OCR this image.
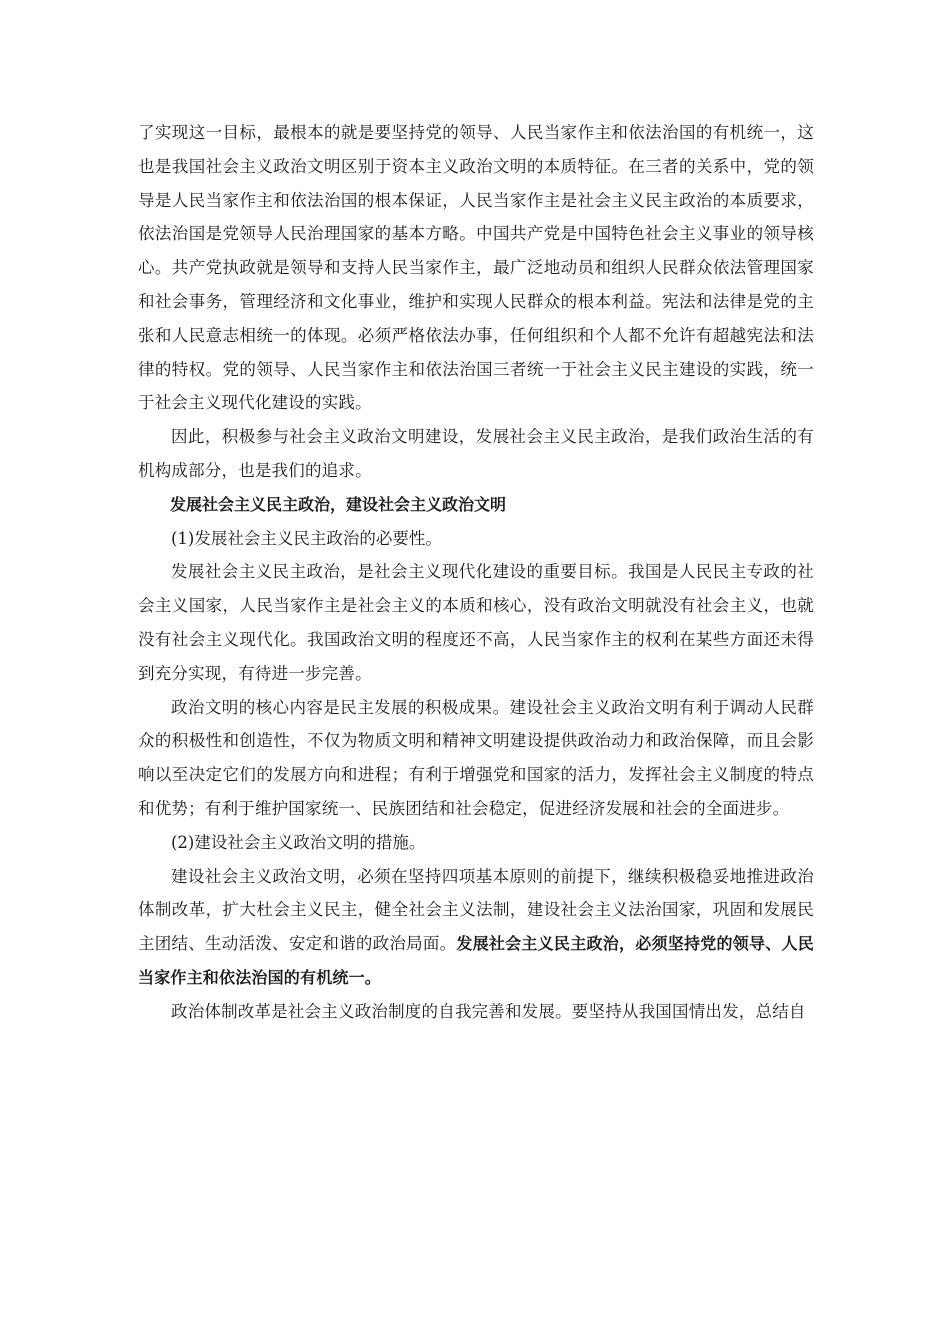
了实现这一目标，最根本的就是要坚持党的领导、人民当家作主和依法治国的有机统一，这也是我国社会主义政治文明区别于资本主义政治文明的本质特征。在三者的关系中，党的领导是人民当家作主和依法治国的根本保证，人民当家作主是社会主义民主政治的本质要求，依法治国是党领导人民治理国家的基本方略。中国共产党是中国特色社会主义事业的领导核心。共产党执政就是领导和支持人民当家作主，最广泛地动员和组织人民群众依法管理国家和社会事务，管理经济和文化事业，维护和实现人民群众的根本利益。宪法和法律是党的主张和人民意志相统一的体现。必须严格依法办事，任何组织和个人都不允许有超越宪法和法律的特权。党的领导、人民当家作主和依法治国三者统一于社会主义民主建设的实践，统一于社会主义现代化建设的实践。

因此，积极参与社会主义政治文明建设，发展社会主义民主政治，是我们政治生活的有机构成部分，也是我们的追求。

发展社会主义民主政治，建设社会主义政治文明

(1)发展社会主义民主政治的必要性。

发展社会主义民主政治，是社会主义现代化建设的重要目标。我国是人民民主专政的社会主义国家，人民当家作主是社会主义的本质和核心，没有政治文明就没有社会主义，也就没有社会主义现代化。我国政治文明的程度还不高，人民当家作主的权利在某些方面还未得到充分实现，有待进一步完善。

政治文明的核心内容是民主发展的积极成果。建设社会主义政治文明有利于调动人民群众的积极性和创造性，不仅为物质文明和精神文明建设提供政治动力和政治保障，而且会影响以至决定它们的发展方向和进程；有利于增强党和国家的活力，发挥社会主义制度的特点和优势；有利于维护国家统一、民族团结和社会稳定，促进经济发展和社会的全面进步。

(2)建设社会主义政治文明的措施。

建设社会主义政治文明，必须在坚持四项基本原则的前提下，继续积极稳妥地推进政治体制改革，扩大杜会主义民主，健全社会主义法制，建设社会主义法治国家，巩固和发展民主团结、生动活泼、安定和谐的政治局面。发展社会主义民主政治，必须坚持党的领导、人民当家作主和依法治国的有机统一。

政治体制改革是社会主义政治制度的自我完善和发展。要坚持从我国国情出发，总结自
